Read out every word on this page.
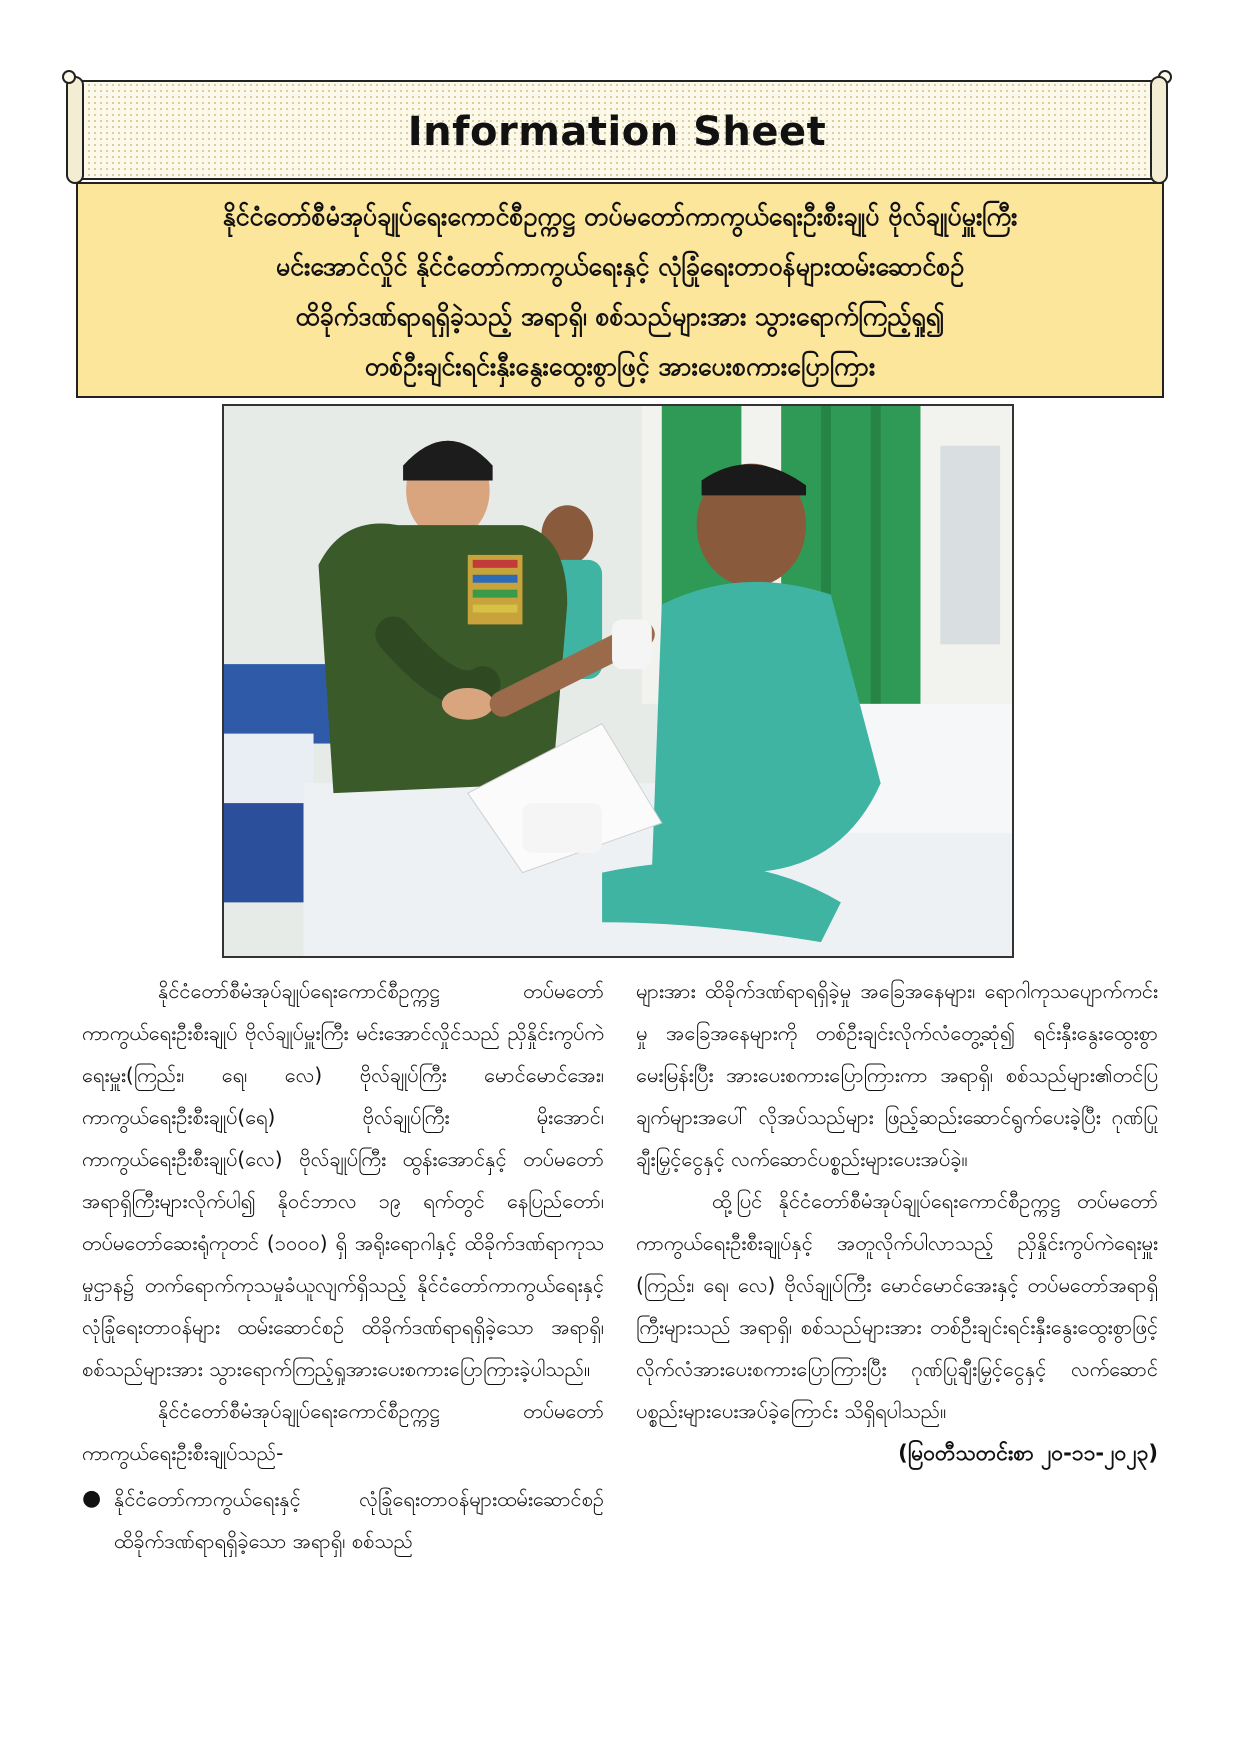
Information Sheet
နိုင်ငံတော်စီမံအုပ်ချုပ်ရေးကောင်စီဥက္ကဋ္ဌ တပ်မတော်ကာကွယ်ရေးဦးစီးချုပ် ဗိုလ်ချုပ်မှူးကြီး
မင်းအောင်လှိုင် နိုင်ငံတော်ကာကွယ်ရေးနှင့် လုံခြုံရေးတာဝန်များထမ်းဆောင်စဉ်
ထိခိုက်ဒဏ်ရာရရှိခဲ့သည့် အရာရှိ၊ စစ်သည်များအား သွားရောက်ကြည့်ရှု၍
တစ်ဦးချင်းရင်းနှီးနွေးထွေးစွာဖြင့် အားပေးစကားပြောကြား

နိုင်ငံတော်စီမံအုပ်ချုပ်ရေးကောင်စီဥက္ကဋ္ဌ တပ်မတော်ကာကွယ်ရေးဦးစီးချုပ် ဗိုလ်ချုပ်မှူးကြီး မင်းအောင်လှိုင်သည် ညှိနှိုင်းကွပ်ကဲရေးမှူး(ကြည်း၊ ရေ၊ လေ) ဗိုလ်ချုပ်ကြီး မောင်မောင်အေး၊ ကာကွယ်ရေးဦးစီးချုပ်(ရေ) ဗိုလ်ချုပ်ကြီး မိုးအောင်၊ ကာကွယ်ရေးဦးစီးချုပ်(လေ) ဗိုလ်ချုပ်ကြီး ထွန်းအောင်နှင့် တပ်မတော်အရာရှိကြီးများလိုက်ပါ၍ နိုဝင်ဘာလ ၁၉ ရက်တွင် နေပြည်တော်၊ တပ်မတော်ဆေးရုံကုတင် (၁၀၀၀) ရှိ အရိုးရောဂါနှင့် ထိခိုက်ဒဏ်ရာကုသမှုဌာန၌ တက်ရောက်ကုသမှုခံယူလျက်ရှိသည့် နိုင်ငံတော်ကာကွယ်ရေးနှင့် လုံခြုံရေးတာဝန်များ ထမ်းဆောင်စဉ် ထိခိုက်ဒဏ်ရာရရှိခဲ့သော အရာရှိ၊ စစ်သည်များအား သွားရောက်ကြည့်ရှုအားပေးစကားပြောကြားခဲ့ပါသည်။

နိုင်ငံတော်စီမံအုပ်ချုပ်ရေးကောင်စီဥက္ကဋ္ဌ တပ်မတော်ကာကွယ်ရေးဦးစီးချုပ်သည်-

● နိုင်ငံတော်ကာကွယ်ရေးနှင့် လုံခြုံရေးတာဝန်များထမ်းဆောင်စဉ် ထိခိုက်ဒဏ်ရာရရှိခဲ့သော အရာရှိ၊ စစ်သည်

များအား ထိခိုက်ဒဏ်ရာရရှိခဲ့မှု အခြေအနေများ၊ ရောဂါကုသပျောက်ကင်းမှု အခြေအနေများကို တစ်ဦးချင်းလိုက်လံတွေ့ဆုံ၍ ရင်းနှီးနွေးထွေးစွာမေးမြန်းပြီး အားပေးစကားပြောကြားကာ အရာရှိ၊ စစ်သည်များ၏တင်ပြချက်များအပေါ် လိုအပ်သည်များ ဖြည့်ဆည်းဆောင်ရွက်ပေးခဲ့ပြီး ဂုဏ်ပြုချီးမြှင့်ငွေနှင့် လက်ဆောင်ပစ္စည်းများပေးအပ်ခဲ့။

ထို့ပြင် နိုင်ငံတော်စီမံအုပ်ချုပ်ရေးကောင်စီဥက္ကဋ္ဌ တပ်မတော်ကာကွယ်ရေးဦးစီးချုပ်နှင့် အတူလိုက်ပါလာသည့် ညှိနှိုင်းကွပ်ကဲရေးမှူး (ကြည်း၊ ရေ၊ လေ) ဗိုလ်ချုပ်ကြီး မောင်မောင်အေးနှင့် တပ်မတော်အရာရှိကြီးများသည် အရာရှိ၊ စစ်သည်များအား တစ်ဦးချင်းရင်းနှီးနွေးထွေးစွာဖြင့် လိုက်လံအားပေးစကားပြောကြားပြီး ဂုဏ်ပြုချီးမြှင့်ငွေနှင့် လက်ဆောင်ပစ္စည်းများပေးအပ်ခဲ့ကြောင်း သိရှိရပါသည်။

(မြဝတီသတင်းစာ ၂၀-၁၁-၂၀၂၃)
